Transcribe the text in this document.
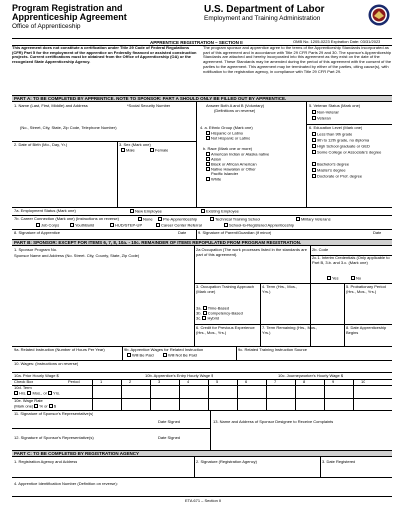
Program Registration and
Apprenticeship Agreement
Office of Apprenticeship
U.S. Department of Labor
Employment and Training Administration
APPRENTICE REGISTRATION – SECTION II	OMB No. 1205-0223 Expiration Date: 03/31/2023
This agreement does not constitute a certification under Title 29 Code of Federal Regulations (CFR) Part 5 for the employment of the apprentice on Federally financed or assisted construction projects. Current certifications must be obtained from the Office of Apprenticeship (OA) or the recognized State Apprenticeship Agency.
The program sponsor and apprentice agree to the terms of the Apprenticeship Standards incorporated as part of this agreement and in accordance with Title 29 CFR Parts 29 and 30. The sponsor's Apprenticeship Standards are attached and hereby incorporated into this agreement as they exist on the date of the agreement. These Standards may be amended during the period of this agreement with the consent of the parties to the agreement. This agreement may be terminated by either of the parties, citing cause(s), with notification to the registration agency, in compliance with Title 29 CFR Part 29.
PART A: TO BE COMPLETED BY APPRENTICE. NOTE TO SPONSOR: PART A SHOULD ONLY BE FILLED OUT BY APPRENTICE.
1. Name (Last, First, Middle) and Address	*Social Security Number
(No., Street, City, State, Zip Code, Telephone Number)
Answer Both A and B (Voluntary)
(Definitions on reverse)
4. a. Ethnic Group (Mark one)
Hispanic or Latino
Not Hispanic or Latino
b. Race (Mark one or more)
American Indian or Alaska native
Asian
Black or African American
Native Hawaiian or Other
Pacific Islander
White
5. Veteran Status (Mark one)
Non-Veteran
Veteran
6. Education Level (Mark one)
Less than 9th grade
9th to 12th grade, no diploma
High School graduate or GED
Some College or Associate's degree
Bachelor's degree
Master's degree
Doctorate or Prof. degree
2. Date of Birth (Mo., Day, Yr.)	3. Sex (Mark one)
Male	Female
7a. Employment Status (Mark one)	New Employee	Existing Employee
7b. Career Connection (Mark one) (Instructions on reverse)	None	Pre-Apprenticeship	Technical Training School	Military Veterans
Job Corps	YouthBuild	HUD/STEP-UP	Career Center Referral	School-to-Registered Apprenticeship
8. Signature of Apprentice	Date	9. Signature of Parent/Guardian (if minor)	Date
PART B: SPONSOR: EXCEPT FOR ITEMS 6, 7, 8, 10a. - 10c. REMAINDER OF ITEMS REPOPULATED FROM PROGRAM REGISTRATION.
1. Sponsor Program No.
Sponsor Name and Address (No. Street. City, County, State, Zip Code)
2a Occupation (The work processes listed in the standards are part of this agreement).
2b. Code
2c.1. Interim Credentials (Only applicable to Part B, 3.b. and 3.c. (Mark one)
Yes	No
3. Occupation Training Approach (Mark one)
4. Term (Hrs., Mos., Yrs.)
5. Probationary Period (Hrs., Mos., Yrs.)
3a. Time-Based
3b. Competency-Based
3c. Hybrid
6. Credit for Previous Experience (Hrs., Mos., Yrs.)
7. Term Remaining (Hrs., Mos., Yrs.)
8. Date Apprenticeship Begins
9a. Related Instruction (Number of Hours Per Year)	9b. Apprentice Wages for Related Instruction
Will Be Paid	Will Not Be Paid
9c. Related Training Instruction Source
10. Wages: (Instructions on reverse)
10a. Prior Hourly Wage $	10b. Apprentice's Entry Hourly Wage $	10c. Journeyworker's Hourly Wage $
Check Box	Period	1	2	3	4	5	6	7	8	9	10
10d. Term
Hrs. Mos., or Yrs.
10e. Wage Rate
(Mark one) % or $
11. Signature of Sponsor's Representative(s)
Date Signed	13. Name and Address of Sponsor Designee to Receive Complaints
12. Signature of Sponsor's Representative(s)	Date Signed
PART C: TO BE COMPLETED BY REGISTRATION AGENCY
1. Registration Agency and Address	2. Signature (Registration Agency)	3. Date Registered
4. Apprentice Identification Number (Definition on reverse):
ETA 671 – Section II
